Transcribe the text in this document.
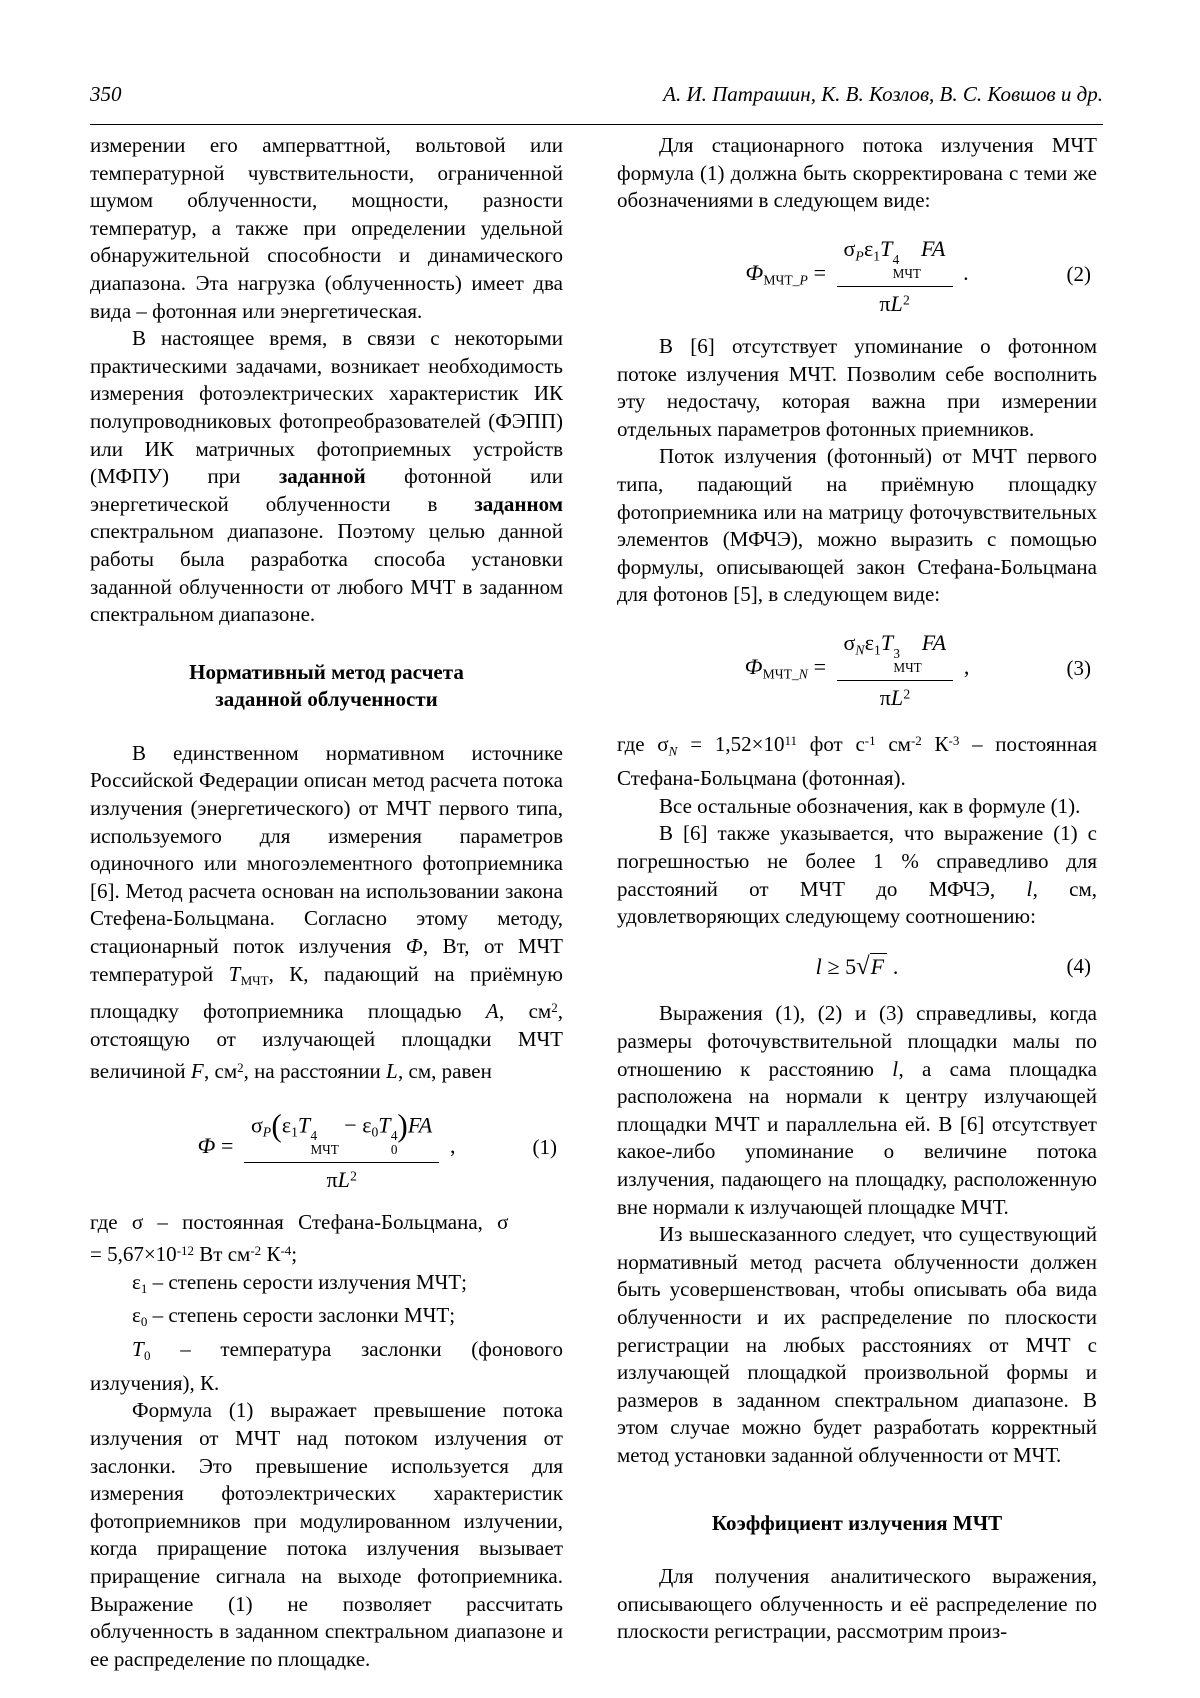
350	А. И. Патрашин, К. В. Козлов, В. С. Ковшов и др.

измерении его амперваттной, вольтовой или температурной чувствительности, ограниченной шумом облученности, мощности, разности температур, а также при определении удельной обнаружительной способности и динамического диапазона. Эта нагрузка (облученность) имеет два вида – фотонная или энергетическая.

В настоящее время, в связи с некоторыми практическими задачами, возникает необходимость измерения фотоэлектрических характеристик ИК полупроводниковых фотопреобразователей (ФЭПП) или ИК матричных фотоприемных устройств (МФПУ) при заданной фотонной или энергетической облученности в заданном спектральном диапазоне. Поэтому целью данной работы была разработка способа установки заданной облученности от любого МЧТ в заданном спектральном диапазоне.

Нормативный метод расчета
заданной облученности

В единственном нормативном источнике Российской Федерации описан метод расчета потока излучения (энергетического) от МЧТ первого типа, используемого для измерения параметров одиночного или многоэлементного фотоприемника [6]. Метод расчета основан на использовании закона Стефена-Больцмана. Согласно этому методу, стационарный поток излучения Ф, Вт, от МЧТ температурой ТМЧТ, К, падающий на приёмную площадку фотоприемника площадью А, $см^2$, отстоящую от излучающей площадки МЧТ величиной F, $см^2$, на расстоянии L, см, равен

Ф = σP(ε1T 4
МЧТ
− ε0T 4
0
)FA
$\pi L^2$ ,	(1)

где σ – постоянная Стефана-Больцмана, σ
= $5,67\times 10^{-12}$ Вт $см^{-2}$ $К^{-4}$;

ε1 – степень серости излучения МЧТ;

ε0 – степень серости заслонки МЧТ;

Т0 – температура заслонки (фонового излучения), К.

Формула (1) выражает превышение потока излучения от МЧТ над потоком излучения от заслонки. Это превышение используется для измерения фотоэлектрических характеристик фотоприемников при модулированном излучении, когда приращение потока излучения вызывает приращение сигнала на выходе фотоприемника. Выражение (1) не позволяет рассчитать облученность в заданном спектральном диапазоне и ее распределение по площадке.

Для стационарного потока излучения МЧТ формула (1) должна быть скорректирована с теми же обозначениями в следующем виде:

ФМЧТ_P = σPε1T 4
МЧТ
FA
$\pi L^2$ .	(2)

В [6] отсутствует упоминание о фотонном потоке излучения МЧТ. Позволим себе восполнить эту недостачу, которая важна при измерении отдельных параметров фотонных приемников.

Поток излучения (фотонный) от МЧТ первого типа, падающий на приёмную площадку фотоприемника или на матрицу фоточувствительных элементов (МФЧЭ), можно выразить с помощью формулы, описывающей закон Стефана-Больцмана для фотонов [5], в следующем виде:

ФМЧТ_N = σNε1T 3
МЧТ
FA
$\pi L^2$ ,	(3)

где $\sigma N = 1,52\times 10^{11}$ фот $с^{-1}$ $см^{-2}$ $К^{-3}$ – постоянная Стефана-Больцмана (фотонная).

Все остальные обозначения, как в формуле (1).

В [6] также указывается, что выражение (1) с погрешностью не более 1 % справедливо для расстояний от МЧТ до МФЧЭ, l, см, удовлетворяющих следующему соотношению:

l ≥ 5√F .	(4)

Выражения (1), (2) и (3) справедливы, когда размеры фоточувствительной площадки малы по отношению к расстоянию l, а сама площадка расположена на нормали к центру излучающей площадки МЧТ и параллельна ей. В [6] отсутствует какое-либо упоминание о величине потока излучения, падающего на площадку, расположенную вне нормали к излучающей площадке МЧТ.

Из вышесказанного следует, что существующий нормативный метод расчета облученности должен быть усовершенствован, чтобы описывать оба вида облученности и их распределение по плоскости регистрации на любых расстояниях от МЧТ с излучающей площадкой произвольной формы и размеров в заданном спектральном диапазоне. В этом случае можно будет разработать корректный метод установки заданной облученности от МЧТ.

Коэффициент излучения МЧТ

Для получения аналитического выражения, описывающего облученность и её распределение по плоскости регистрации, рассмотрим произ-
